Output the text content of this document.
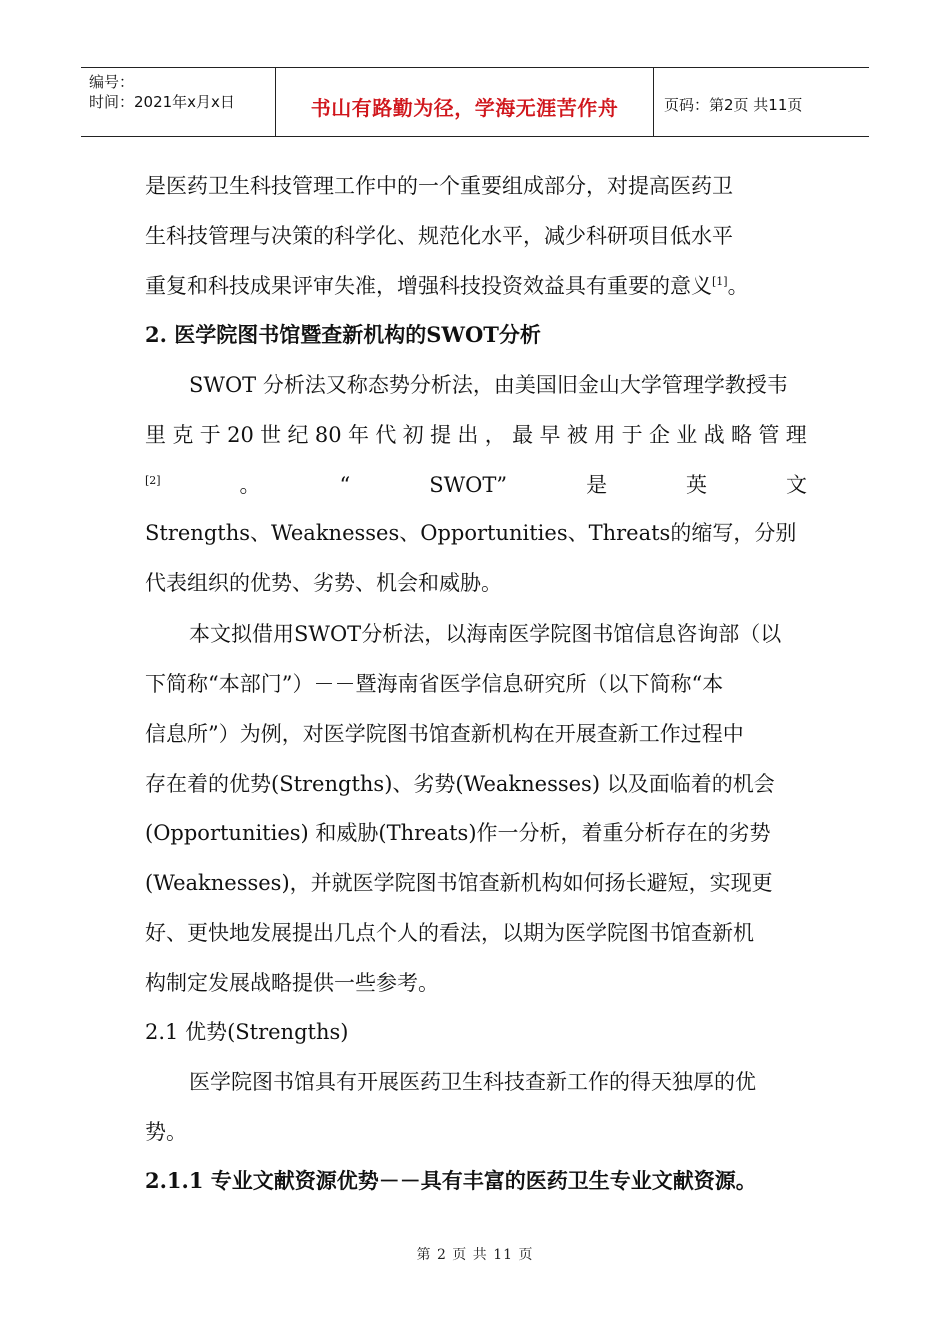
编号：
时间：2021年x月x日	书山有路勤为径，学海无涯苦作舟	页码：第2页 共11页
是医药卫生科技管理工作中的一个重要组成部分，对提高医药卫
生科技管理与决策的科学化、规范化水平，减少科研项目低水平
重复和科技成果评审失准，增强科技投资效益具有重要的意义[1]。
2. 医学院图书馆暨查新机构的SWOT分析
SWOT 分析法又称态势分析法，由美国旧金山大学管理学教授韦
里 克 于 20 世 纪 80 年 代 初 提 出 ， 最 早 被 用 于 企 业 战 略 管 理
[2]	。	“	SWOT”	是	英	文
Strengths、Weaknesses、Opportunities、Threats的缩写，分别
代表组织的优势、劣势、机会和威胁。
本文拟借用SWOT分析法，以海南医学院图书馆信息咨询部（以
下简称“本部门”）－－暨海南省医学信息研究所（以下简称“本
信息所”）为例，对医学院图书馆查新机构在开展查新工作过程中
存在着的优势(Strengths)、劣势(Weaknesses) 以及面临着的机会
(Opportunities) 和威胁(Threats)作一分析，着重分析存在的劣势
(Weaknesses)，并就医学院图书馆查新机构如何扬长避短，实现更
好、更快地发展提出几点个人的看法，以期为医学院图书馆查新机
构制定发展战略提供一些参考。
2.1 优势(Strengths)
医学院图书馆具有开展医药卫生科技查新工作的得天独厚的优
势。
2.1.1 专业文献资源优势－－具有丰富的医药卫生专业文献资源。
第 2 页 共 11 页
